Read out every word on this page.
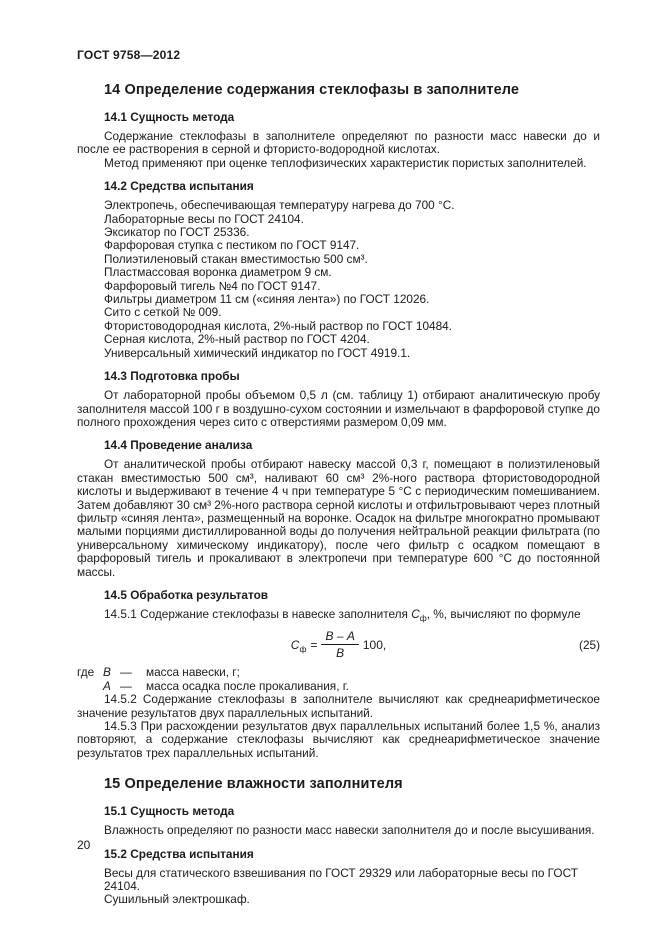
ГОСТ 9758—2012
14 Определение содержания стеклофазы в заполнителе
14.1 Сущность метода

Содержание стеклофазы в заполнителе определяют по разности масс навески до и после ее растворения в серной и фтористо-водородной кислотах.

Метод применяют при оценке теплофизических характеристик пористых заполнителей.

14.2 Средства испытания
Электропечь, обеспечивающая температуру нагрева до 700 °С.
Лабораторные весы по ГОСТ 24104.
Эксикатор по ГОСТ 25336.
Фарфоровая ступка с пестиком по ГОСТ 9147.
Полиэтиленовый стакан вместимостью 500 см³.
Пластмассовая воронка диаметром 9 см.
Фарфоровый тигель №4 по ГОСТ 9147.
Фильтры диаметром 11 см («синяя лента») по ГОСТ 12026.
Сито с сеткой № 009.
Фтористоводородная кислота, 2%-ный раствор по ГОСТ 10484.
Серная кислота, 2%-ный раствор по ГОСТ 4204.
Универсальный химический индикатор по ГОСТ 4919.1.
14.3 Подготовка пробы

От лабораторной пробы объемом 0,5 л (см. таблицу 1) отбирают аналитическую пробу заполнителя массой 100 г в воздушно-сухом состоянии и измельчают в фарфоровой ступке до полного прохождения через сито с отверстиями размером 0,09 мм.

14.4 Проведение анализа

От аналитической пробы отбирают навеску массой 0,3 г, помещают в полиэтиленовый стакан вместимостью 500 см³, наливают 60 см³ 2%-ного раствора фтористоводородной кислоты и выдерживают в течение 4 ч при температуре 5 °С с периодическим помешиванием. Затем добавляют 30 см³ 2%-ного раствора серной кислоты и отфильтровывают через плотный фильтр «синяя лента», размещенный на воронке. Осадок на фильтре многократно промывают малыми порциями дистиллированной воды до получения нейтральной реакции фильтрата (по универсальному химическому индикатору), после чего фильтр с осадком помещают в фарфоровый тигель и прокаливают в электропечи при температуре 600 °С до постоянной массы.

14.5 Обработка результатов

14.5.1 Содержание стеклофазы в навеске заполнителя $С_ф$, %, вычисляют по формуле

$С_ф = \frac{В - А}{В} 100$,	(25)
где В —	масса навески, г;
А —	масса осадка после прокаливания, г.

14.5.2 Содержание стеклофазы в заполнителе вычисляют как среднеарифметическое значение результатов двух параллельных испытаний.

14.5.3 При расхождении результатов двух параллельных испытаний более 1,5 %, анализ повторяют, а содержание стеклофазы вычисляют как среднеарифметическое значение результатов трех параллельных испытаний.

15 Определение влажности заполнителя
15.1 Сущность метода
Влажность определяют по разности масс навески заполнителя до и после высушивания.
15.2 Средства испытания
Весы для статического взвешивания по ГОСТ 29329 или лабораторные весы по ГОСТ 24104.
Сушильный электрошкаф.
20
